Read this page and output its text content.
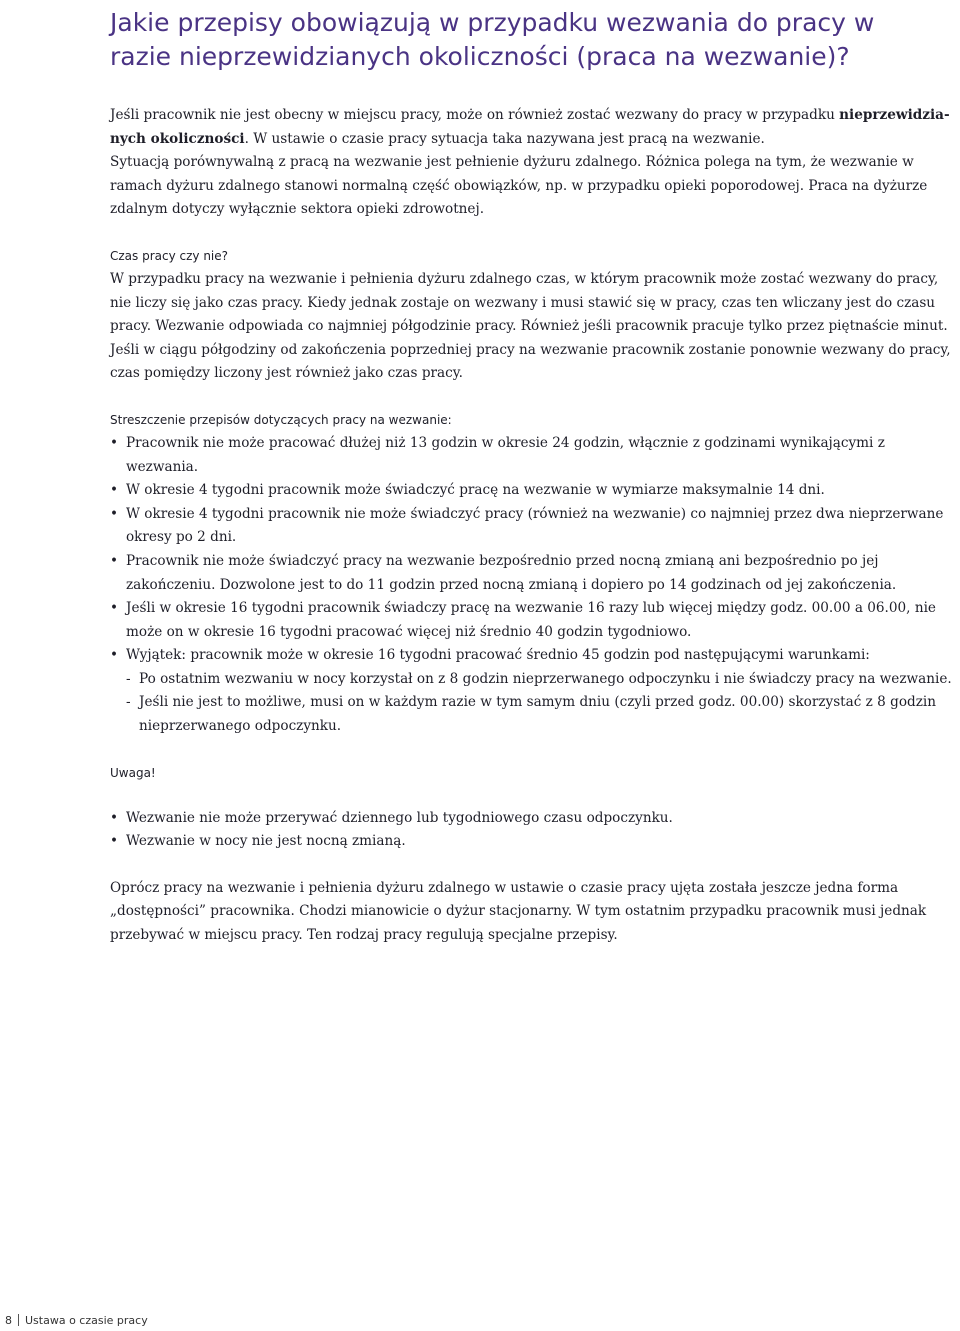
Jakie przepisy obowiązują w przypadku wezwania do pracy w razie nieprzewidzianych okoliczności (praca na wezwanie)?

Jeśli pracownik nie jest obecny w miejscu pracy, może on również zostać wezwany do pracy w przypadku nieprzewidzianych okoliczności. W ustawie o czasie pracy sytuacja taka nazywana jest pracą na wezwanie.

Sytuacją porównywalną z pracą na wezwanie jest pełnienie dyżuru zdalnego. Różnica polega na tym, że wezwanie w ramach dyżuru zdalnego stanowi normalną część obowiązków, np. w przypadku opieki poporodowej. Praca na dyżurze zdalnym dotyczy wyłącznie sektora opieki zdrowotnej.

Czas pracy czy nie?

W przypadku pracy na wezwanie i pełnienia dyżuru zdalnego czas, w którym pracownik może zostać wezwany do pracy, nie liczy się jako czas pracy. Kiedy jednak zostaje on wezwany i musi stawić się w pracy, czas ten wliczany jest do czasu pracy. Wezwanie odpowiada co najmniej półgodzinie pracy. Również jeśli pracownik pracuje tylko przez piętnaście minut. Jeśli w ciągu półgodziny od zakończenia poprzedniej pracy na wezwanie pracownik zostanie ponownie wezwany do pracy, czas pomiędzy liczony jest również jako czas pracy.

Streszczenie przepisów dotyczących pracy na wezwanie:
• Pracownik nie może pracować dłużej niż 13 godzin w okresie 24 godzin, włącznie z godzinami wynikającymi z wezwania.
• W okresie 4 tygodni pracownik może świadczyć pracę na wezwanie w wymiarze maksymalnie 14 dni.
• W okresie 4 tygodni pracownik nie może świadczyć pracy (również na wezwanie) co najmniej przez dwa nieprzerwane okresy po 2 dni.
• Pracownik nie może świadczyć pracy na wezwanie bezpośrednio przed nocną zmianą ani bezpośrednio po jej zakończeniu. Dozwolone jest to do 11 godzin przed nocną zmianą i dopiero po 14 godzinach od jej zakończenia.
• Jeśli w okresie 16 tygodni pracownik świadczy pracę na wezwanie 16 razy lub więcej między godz. 00.00 a 06.00, nie może on w okresie 16 tygodni pracować więcej niż średnio 40 godzin tygodniowo.
• Wyjątek: pracownik może w okresie 16 tygodni pracować średnio 45 godzin pod następującymi warunkami:
- Po ostatnim wezwaniu w nocy korzystał on z 8 godzin nieprzerwanego odpoczynku i nie świadczy pracy na wezwanie.
- Jeśli nie jest to możliwe, musi on w każdym razie w tym samym dniu (czyli przed godz. 00.00) skorzystać z 8 godzin nieprzerwanego odpoczynku.
Uwaga!
• Wezwanie nie może przerywać dziennego lub tygodniowego czasu odpoczynku.
• Wezwanie w nocy nie jest nocną zmianą.

Oprócz pracy na wezwanie i pełnienia dyżuru zdalnego w ustawie o czasie pracy ujęta została jeszcze jedna forma „dostępności” pracownika. Chodzi mianowicie o dyżur stacjonarny. W tym ostatnim przypadku pracownik musi jednak przebywać w miejscu pracy. Ten rodzaj pracy regulują specjalne przepisy.

8 Ustawa o czasie pracy
